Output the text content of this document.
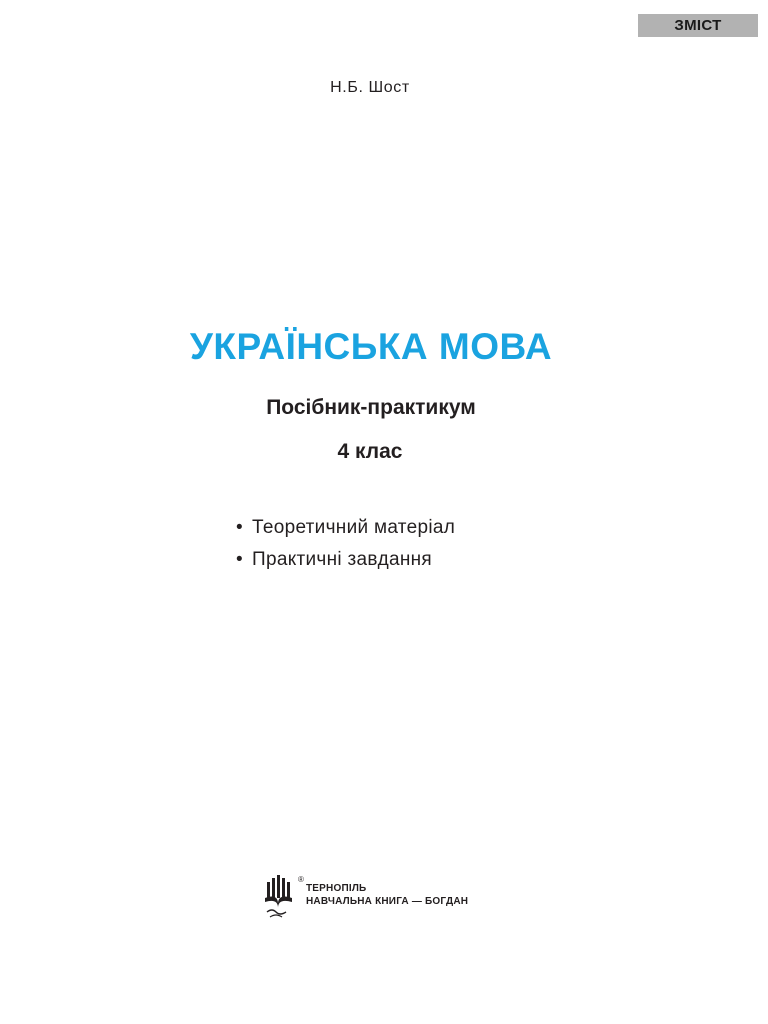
ЗМІСТ
Н.Б. Шост
УКРАЇНСЬКА МОВА
Посібник-практикум
4 клас
• Теоретичний матеріал
• Практичні завдання
®
ТЕРНОПІЛЬ
НАВЧАЛЬНА КНИГА — БОГДАН
